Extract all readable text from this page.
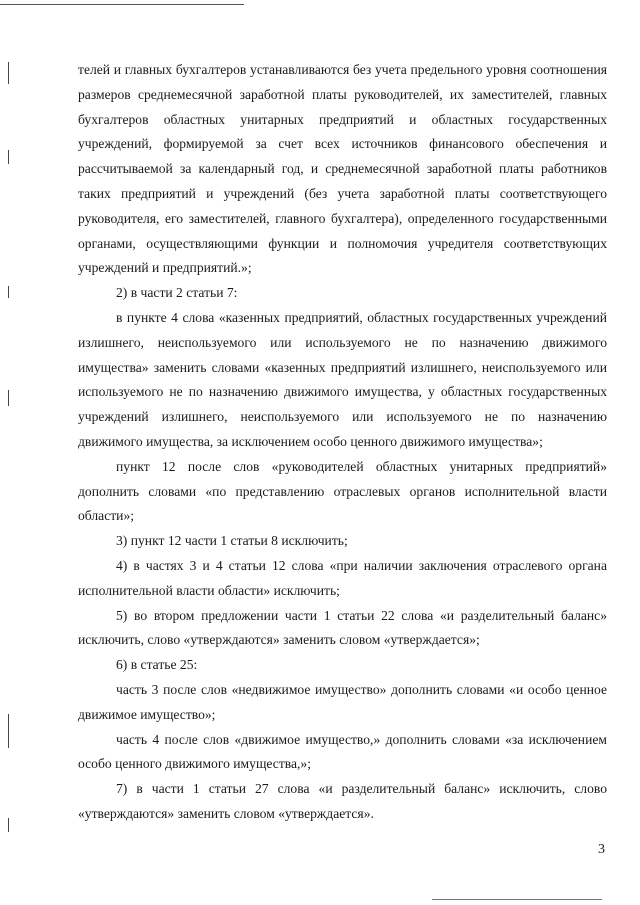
телей и главных бухгалтеров устанавливаются без учета предельного уровня соотношения размеров среднемесячной заработной платы руководителей, их заместителей, главных бухгалтеров областных унитарных предприятий и областных государственных учреждений, формируемой за счет всех источников финансового обеспечения и рассчитываемой за календарный год, и среднемесячной заработной платы работников таких предприятий и учреждений (без учета заработной платы соответствующего руководителя, его заместителей, главного бухгалтера), определенного государственными органами, осуществляющими функции и полномочия учредителя соответствующих учреждений и предприятий.»;

2) в части 2 статьи 7:

в пункте 4 слова «казенных предприятий, областных государственных учреждений излишнего, неиспользуемого или используемого не по назначению движимого имущества» заменить словами «казенных предприятий излишнего, неиспользуемого или используемого не по назначению движимого имущества, у областных государственных учреждений излишнего, неиспользуемого или используемого не по назначению движимого имущества, за исключением особо ценного движимого имущества»;

пункт 12 после слов «руководителей областных унитарных предприятий» дополнить словами «по представлению отраслевых органов исполнительной власти области»;

3) пункт 12 части 1 статьи 8 исключить;

4) в частях 3 и 4 статьи 12 слова «при наличии заключения отраслевого органа исполнительной власти области» исключить;

5) во втором предложении части 1 статьи 22 слова «и разделительный баланс» исключить, слово «утверждаются» заменить словом «утверждается»;

6) в статье 25:

часть 3 после слов «недвижимое имущество» дополнить словами «и особо ценное движимое имущество»;

часть 4 после слов «движимое имущество,» дополнить словами «за исключением особо ценного движимого имущества,»;

7) в части 1 статьи 27 слова «и разделительный баланс» исключить, слово «утверждаются» заменить словом «утверждается».

3
